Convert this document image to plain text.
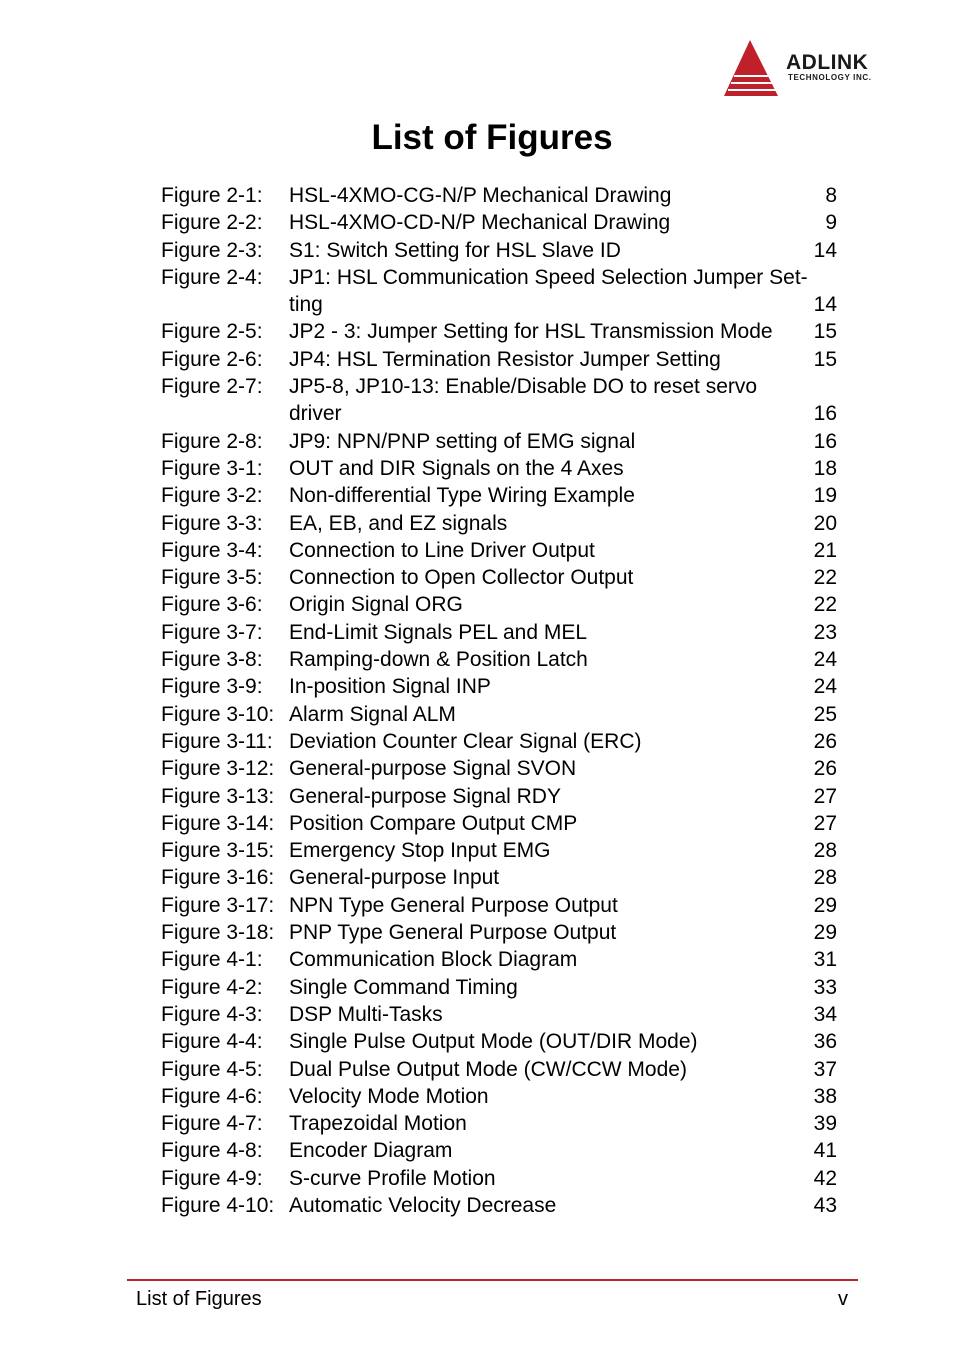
ADLINK
TECHNOLOGY INC.
List of Figures
Figure 2-1: HSL-4XMO-CG-N/P Mechanical Drawing	8
Figure 2-2: HSL-4XMO-CD-N/P Mechanical Drawing	9
Figure 2-3: S1: Switch Setting for HSL Slave ID	14
Figure 2-4: JP1: HSL Communication Speed Selection Jumper Set-ting	14
Figure 2-5: JP2 - 3: Jumper Setting for HSL Transmission Mode	15
Figure 2-6: JP4: HSL Termination Resistor Jumper Setting	15
Figure 2-7: JP5-8, JP10-13: Enable/Disable DO to reset servo driver	16
Figure 2-8: JP9: NPN/PNP setting of EMG signal	16
Figure 3-1: OUT and DIR Signals on the 4 Axes	18
Figure 3-2: Non-differential Type Wiring Example	19
Figure 3-3: EA, EB, and EZ signals	20
Figure 3-4: Connection to Line Driver Output	21
Figure 3-5: Connection to Open Collector Output	22
Figure 3-6: Origin Signal ORG	22
Figure 3-7: End-Limit Signals PEL and MEL	23
Figure 3-8: Ramping-down & Position Latch	24
Figure 3-9: In-position Signal INP	24
Figure 3-10: Alarm Signal ALM	25
Figure 3-11: Deviation Counter Clear Signal (ERC)	26
Figure 3-12: General-purpose Signal SVON	26
Figure 3-13: General-purpose Signal RDY	27
Figure 3-14: Position Compare Output CMP	27
Figure 3-15: Emergency Stop Input EMG	28
Figure 3-16: General-purpose Input	28
Figure 3-17: NPN Type General Purpose Output	29
Figure 3-18: PNP Type General Purpose Output	29
Figure 4-1: Communication Block Diagram	31
Figure 4-2: Single Command Timing	33
Figure 4-3: DSP Multi-Tasks	34
Figure 4-4: Single Pulse Output Mode (OUT/DIR Mode)	36
Figure 4-5: Dual Pulse Output Mode (CW/CCW Mode)	37
Figure 4-6: Velocity Mode Motion	38
Figure 4-7: Trapezoidal Motion	39
Figure 4-8: Encoder Diagram	41
Figure 4-9: S-curve Profile Motion	42
Figure 4-10: Automatic Velocity Decrease	43
List of Figures	v
